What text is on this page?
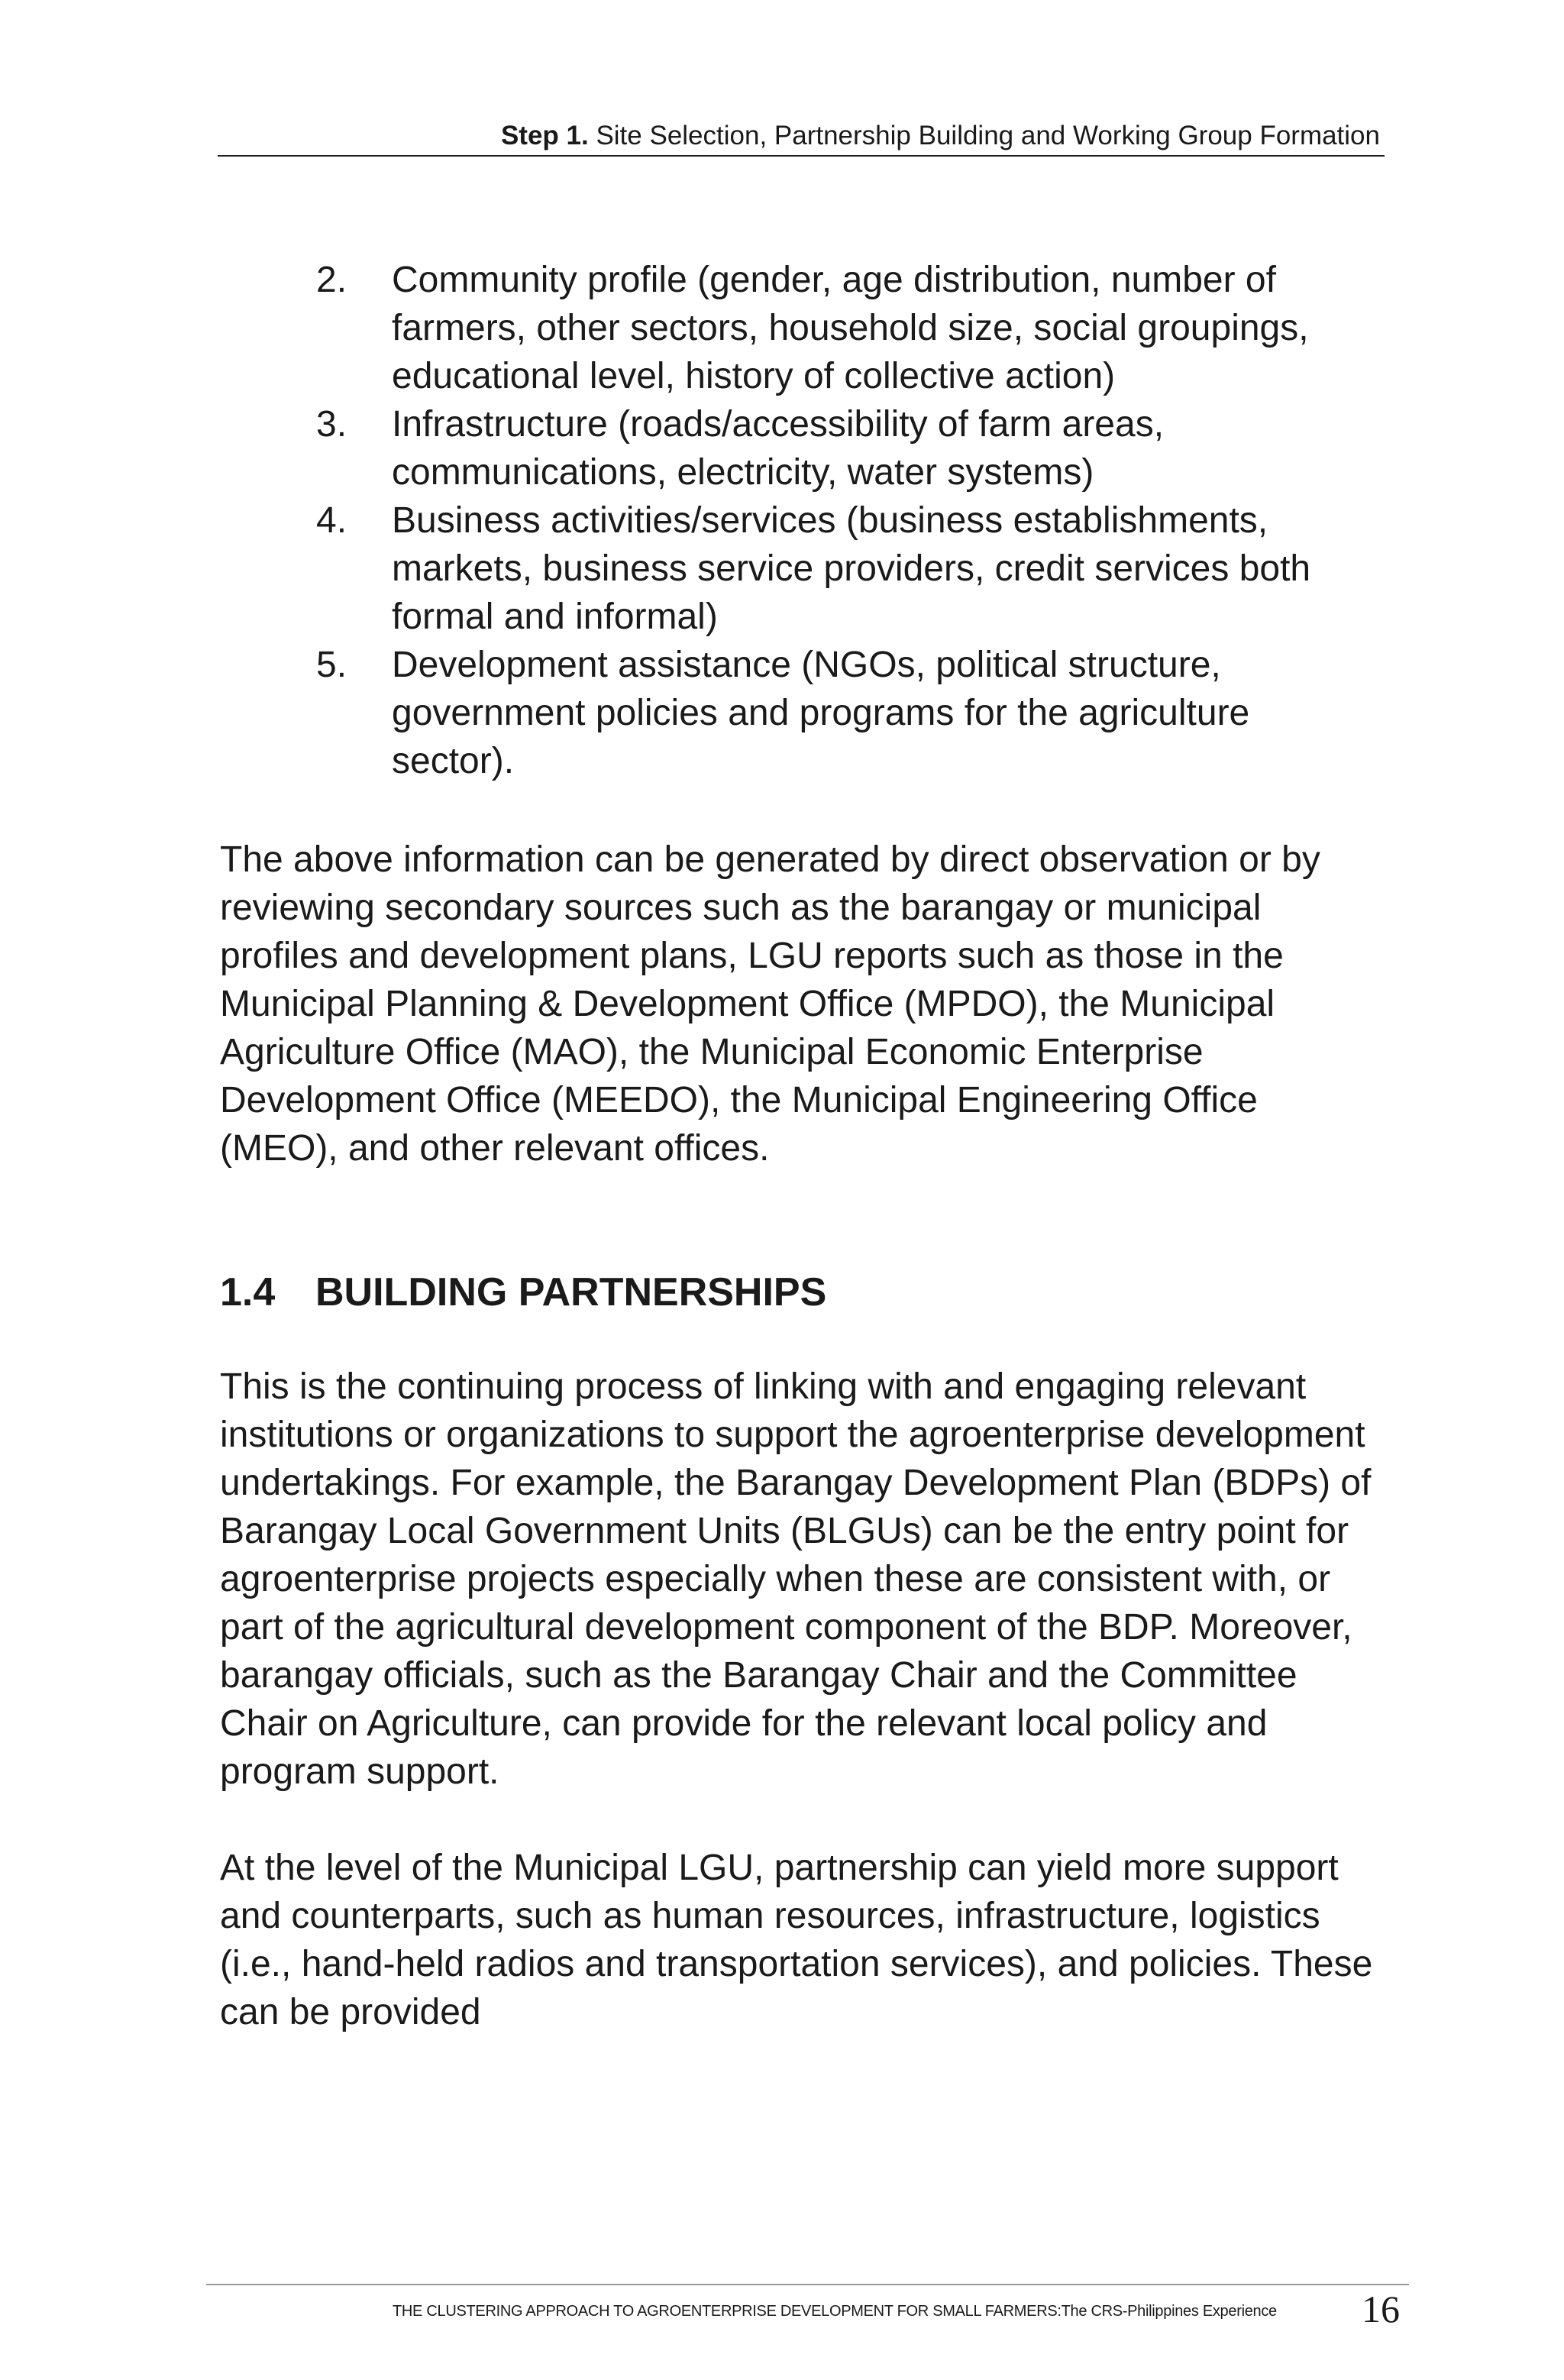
Step 1. Site Selection, Partnership Building and Working Group Formation
2. Community profile (gender, age distribution, number of farmers, other sectors, household size, social groupings, educational level, history of collective action)
3. Infrastructure (roads/accessibility of farm areas, communications, electricity, water systems)
4. Business activities/services (business establishments, markets, business service providers, credit services both formal and informal)
5. Development assistance (NGOs, political structure, government policies and programs for the agriculture sector).

The above information can be generated by direct observation or by reviewing secondary sources such as the barangay or municipal profiles and development plans, LGU reports such as those in the Municipal Planning & Development Office (MPDO), the Municipal Agriculture Office (MAO), the Municipal Economic Enterprise Development Office (MEEDO), the Municipal Engineering Office (MEO), and other relevant offices.

1.4 BUILDING PARTNERSHIPS

This is the continuing process of linking with and engaging relevant institutions or organizations to support the agroenterprise development undertakings. For example, the Barangay Development Plan (BDPs) of Barangay Local Government Units (BLGUs) can be the entry point for agroenterprise projects especially when these are consistent with, or part of the agricultural development component of the BDP. Moreover, barangay officials, such as the Barangay Chair and the Committee Chair on Agriculture, can provide for the relevant local policy and program support.

At the level of the Municipal LGU, partnership can yield more support and counterparts, such as human resources, infrastructure, logistics (i.e., hand-held radios and transportation services), and policies. These can be provided

THE CLUSTERING APPROACH TO AGROENTERPRISE DEVELOPMENT FOR SMALL FARMERS:The CRS-Philippines Experience 16
